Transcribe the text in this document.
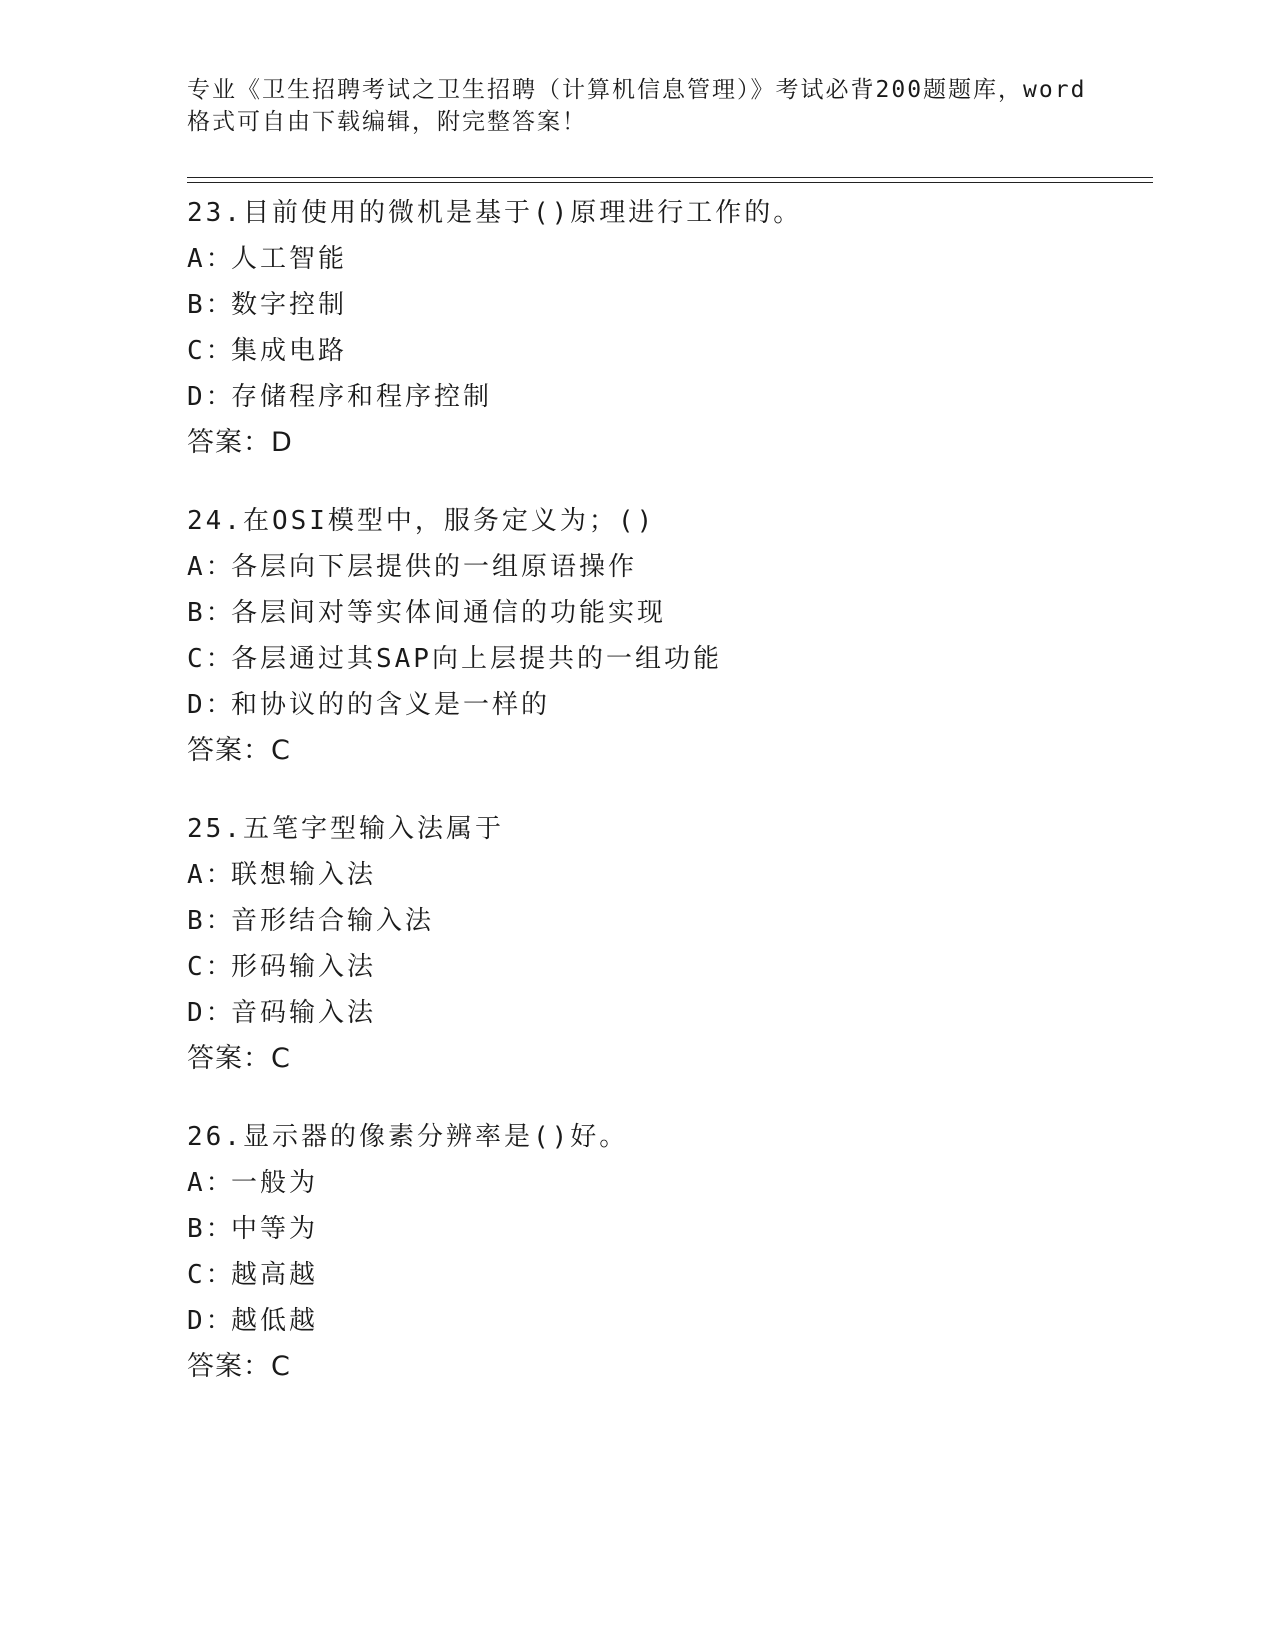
专业《卫生招聘考试之卫生招聘（计算机信息管理）》考试必背200题题库，word

格式可自由下载编辑，附完整答案！

23.目前使用的微机是基于()原理进行工作的。
A：人工智能
B：数字控制
C：集成电路
D：存储程序和程序控制
答案：D
24.在OSI模型中，服务定义为；()
A：各层向下层提供的一组原语操作
B：各层间对等实体间通信的功能实现
C：各层通过其SAP向上层提共的一组功能
D：和协议的的含义是一样的
答案：C
25.五笔字型输入法属于
A：联想输入法
B：音形结合输入法
C：形码输入法
D：音码输入法
答案：C
26.显示器的像素分辨率是()好。
A：一般为
B：中等为
C：越高越
D：越低越
答案：C
